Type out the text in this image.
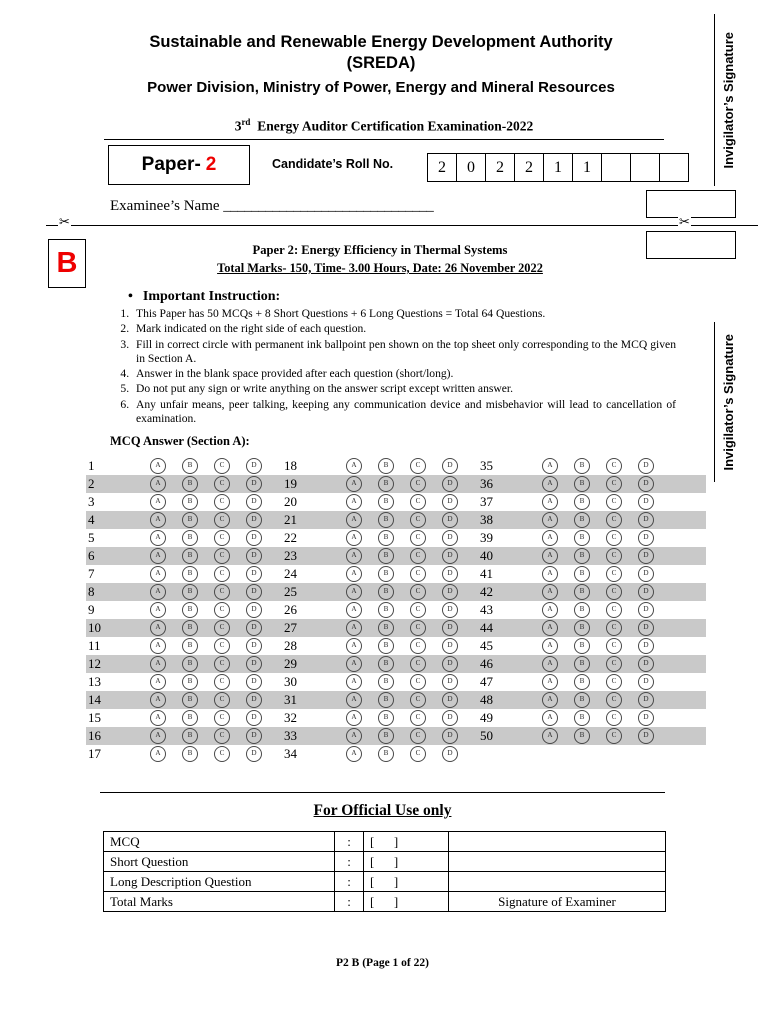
Invigilator’s Signature
Invigilator’s Signature
Sustainable and Renewable Energy Development Authority
(SREDA)
Power Division, Ministry of Power, Energy and Mineral Resources
3rd Energy Auditor Certification Examination-2022
Paper- 2	Candidate’s Roll No.	2	0	2	2	1	1
Examinee’s Name ______________________________
✂	✂
B	Paper 2: Energy Efficiency in Thermal Systems
Total Marks- 150, Time- 3.00 Hours, Date: 26 November 2022
• Important Instruction:
1. This Paper has 50 MCQs + 8 Short Questions + 6 Long Questions = Total 64 Questions.
2. Mark indicated on the right side of each question.
3. Fill in correct circle with permanent ink ballpoint pen shown on the top sheet only corresponding to the MCQ given in Section A.
4. Answer in the blank space provided after each question (short/long).
5. Do not put any sign or write anything on the answer script except written answer.
6. Any unfair means, peer talking, keeping any communication device and misbehavior will lead to cancellation of examination.
MCQ Answer (Section A):
1	A	B	C	D	18	A	B	C	D	35	A	B	C	D
2	A	B	C	D	19	A	B	C	D	36	A	B	C	D
3	A	B	C	D	20	A	B	C	D	37	A	B	C	D
4	A	B	C	D	21	A	B	C	D	38	A	B	C	D
5	A	B	C	D	22	A	B	C	D	39	A	B	C	D
6	A	B	C	D	23	A	B	C	D	40	A	B	C	D
7	A	B	C	D	24	A	B	C	D	41	A	B	C	D
8	A	B	C	D	25	A	B	C	D	42	A	B	C	D
9	A	B	C	D	26	A	B	C	D	43	A	B	C	D
10	A	B	C	D	27	A	B	C	D	44	A	B	C	D
11	A	B	C	D	28	A	B	C	D	45	A	B	C	D
12	A	B	C	D	29	A	B	C	D	46	A	B	C	D
13	A	B	C	D	30	A	B	C	D	47	A	B	C	D
14	A	B	C	D	31	A	B	C	D	48	A	B	C	D
15	A	B	C	D	32	A	B	C	D	49	A	B	C	D
16	A	B	C	D	33	A	B	C	D	50	A	B	C	D
17	A	B	C	D	34	A	B	C	D
For Official Use only
MCQ	:	[      ]	
Short Question	:	[      ]	
Long Description Question	:	[      ]	
Total Marks	:	[      ]	Signature of Examiner
P2 B (Page 1 of 22)
